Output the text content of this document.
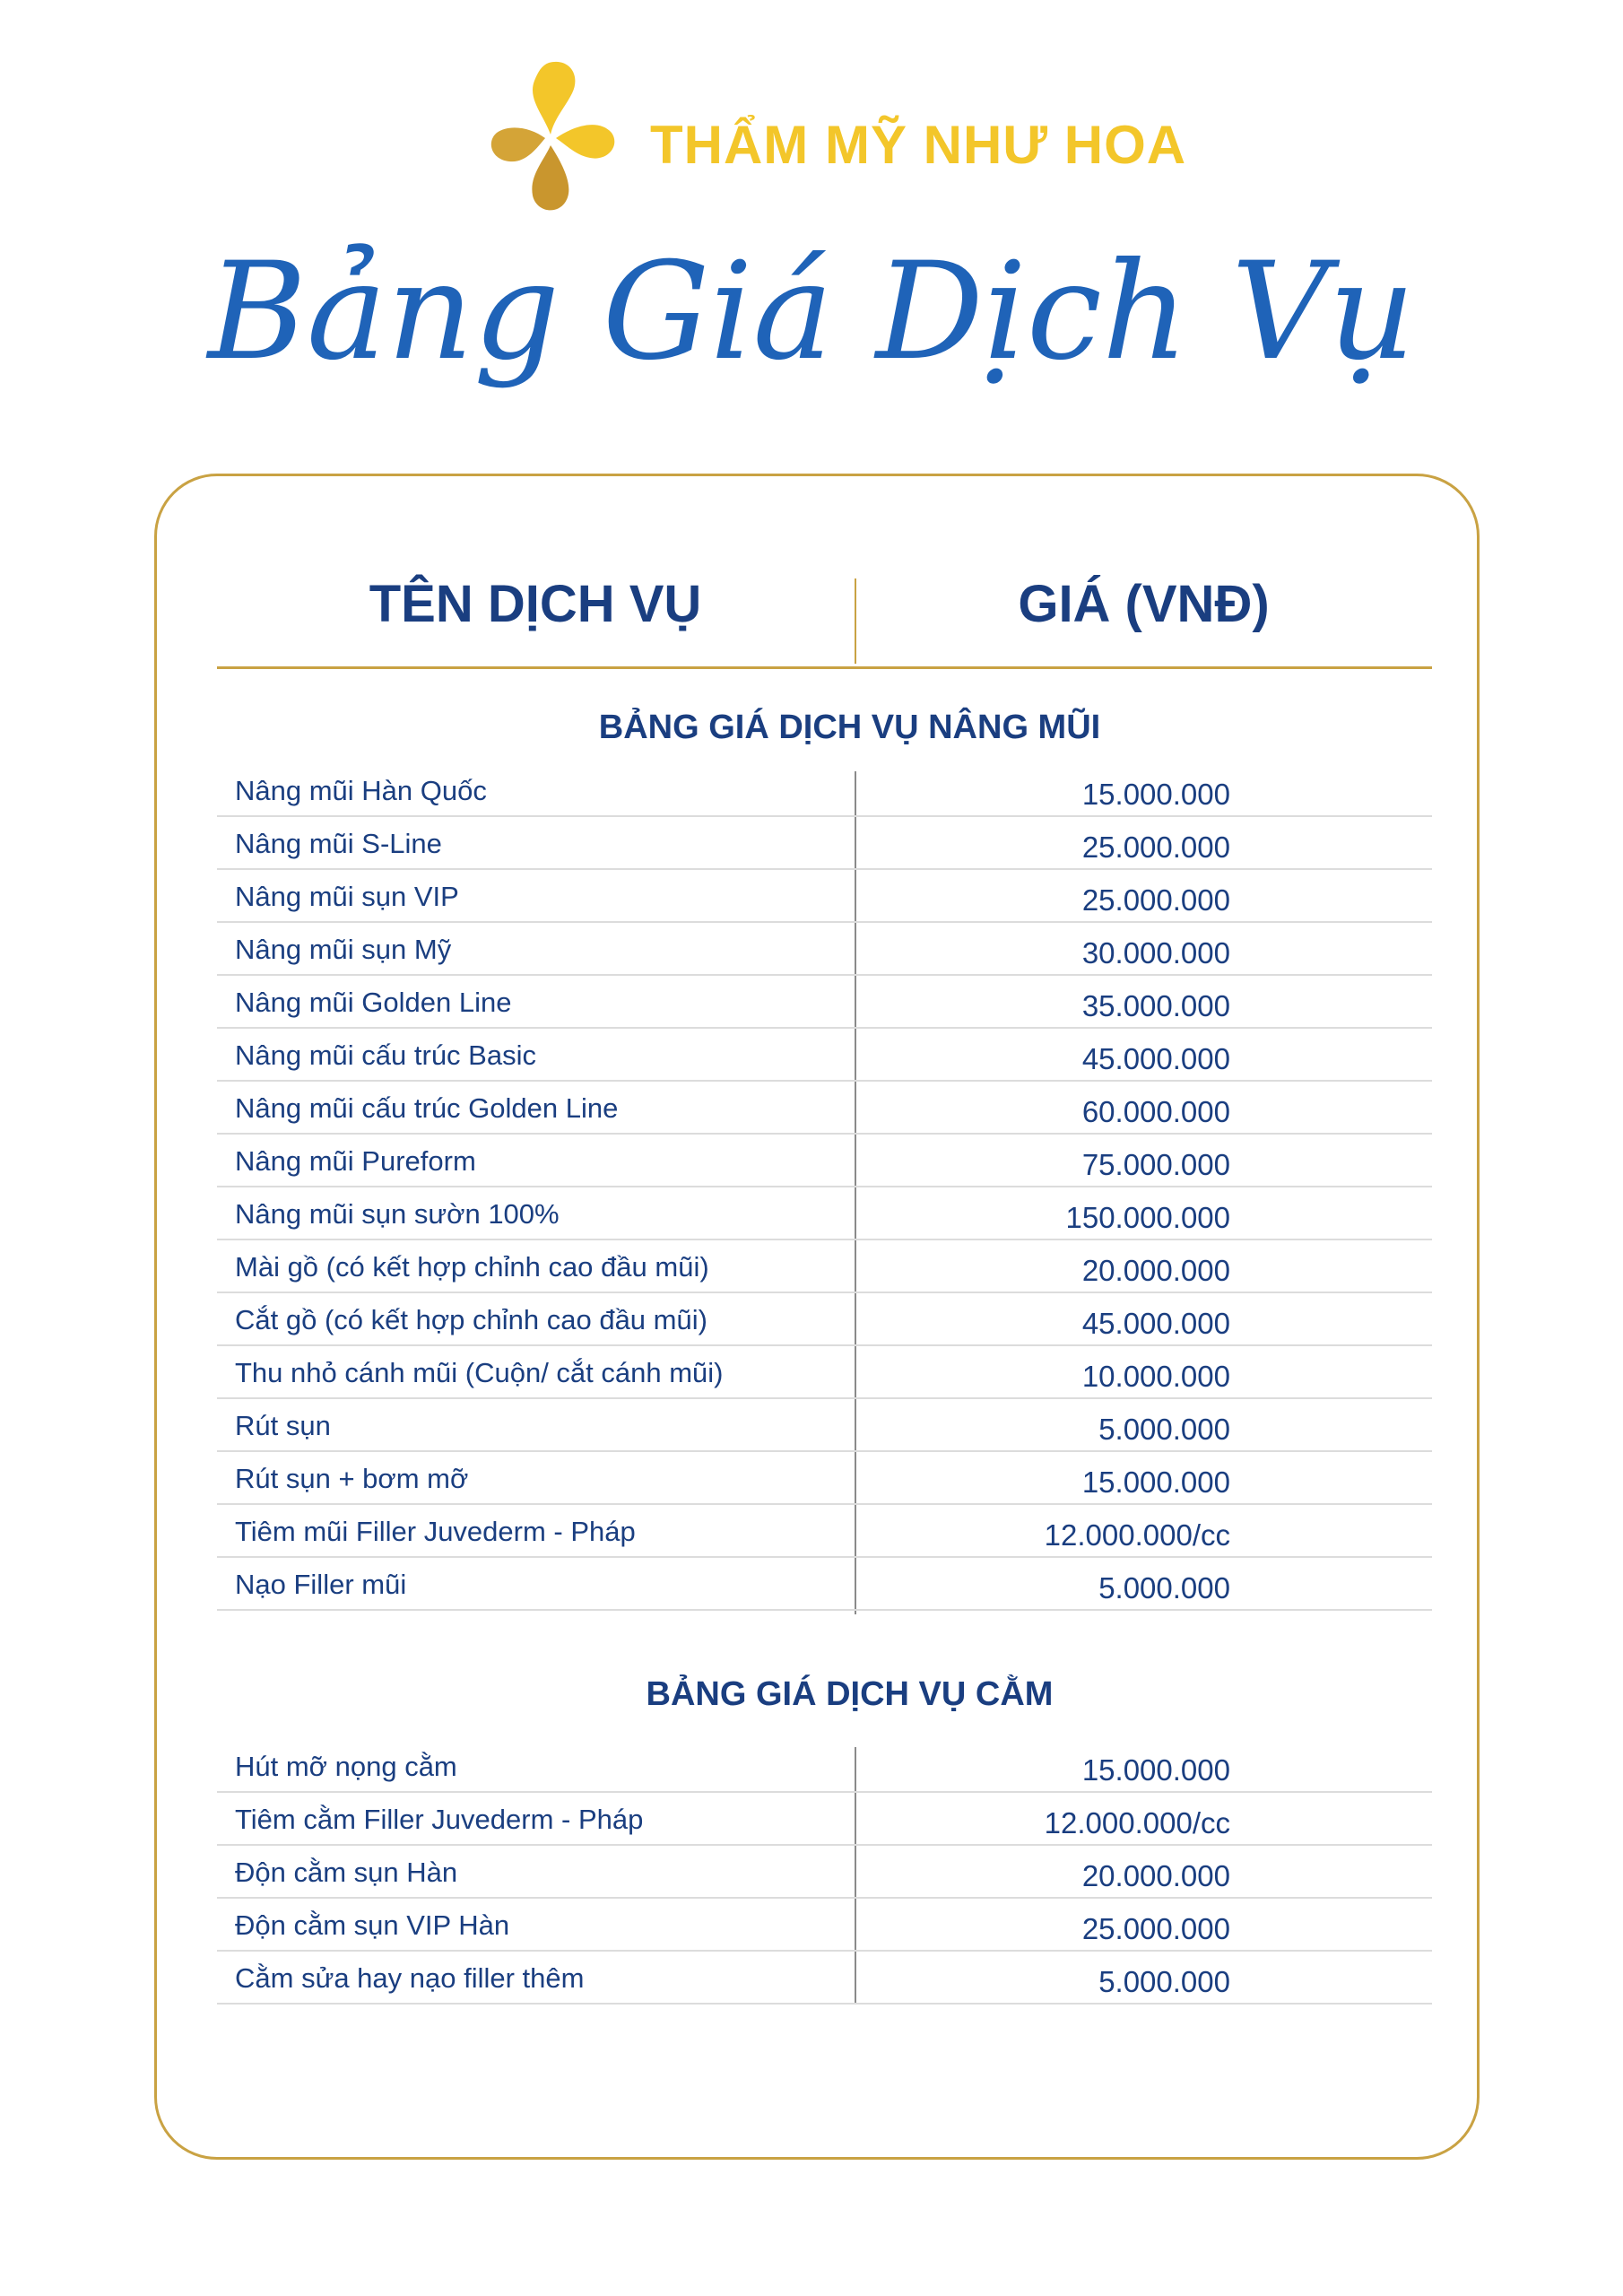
THẨM MỸ NHƯ HOA
Bảng Giá Dịch Vụ
TÊN DỊCH VỤ	GIÁ (VNĐ)
BẢNG GIÁ DỊCH VỤ NÂNG MŨI
Nâng mũi Hàn Quốc	15.000.000
Nâng mũi S-Line	25.000.000
Nâng mũi sụn VIP	25.000.000
Nâng mũi sụn Mỹ	30.000.000
Nâng mũi Golden Line	35.000.000
Nâng mũi cấu trúc Basic	45.000.000
Nâng mũi cấu trúc Golden Line	60.000.000
Nâng mũi Pureform	75.000.000
Nâng mũi sụn sườn 100%	150.000.000
Mài gồ (có kết hợp chỉnh cao đầu mũi)	20.000.000
Cắt gồ (có kết hợp chỉnh cao đầu mũi)	45.000.000
Thu nhỏ cánh mũi (Cuộn/ cắt cánh mũi)	10.000.000
Rút sụn	5.000.000
Rút sụn + bơm mỡ	15.000.000
Tiêm mũi Filler Juvederm - Pháp	12.000.000/cc
Nạo Filler mũi	5.000.000
BẢNG GIÁ DỊCH VỤ CẰM
Hút mỡ nọng cằm	15.000.000
Tiêm cằm Filler Juvederm - Pháp	12.000.000/cc
Độn cằm sụn Hàn	20.000.000
Độn cằm sụn VIP Hàn	25.000.000
Cằm sửa hay nạo filler thêm	5.000.000
